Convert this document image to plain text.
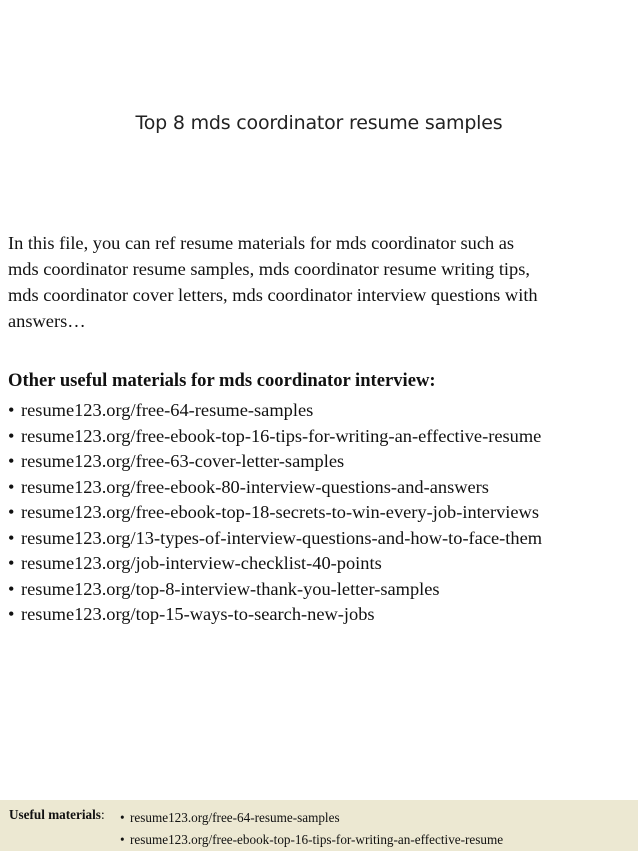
Top 8 mds coordinator resume samples
In this file, you can ref resume materials for mds coordinator such as
mds coordinator resume samples, mds coordinator resume writing tips,
mds coordinator cover letters, mds coordinator interview questions with
answers…
Other useful materials for mds coordinator interview:
• resume123.org/free-64-resume-samples
• resume123.org/free-ebook-top-16-tips-for-writing-an-effective-resume
• resume123.org/free-63-cover-letter-samples
• resume123.org/free-ebook-80-interview-questions-and-answers
• resume123.org/free-ebook-top-18-secrets-to-win-every-job-interviews
• resume123.org/13-types-of-interview-questions-and-how-to-face-them
• resume123.org/job-interview-checklist-40-points
• resume123.org/top-8-interview-thank-you-letter-samples
• resume123.org/top-15-ways-to-search-new-jobs
Useful materials: • resume123.org/free-64-resume-samples
• resume123.org/free-ebook-top-16-tips-for-writing-an-effective-resume
